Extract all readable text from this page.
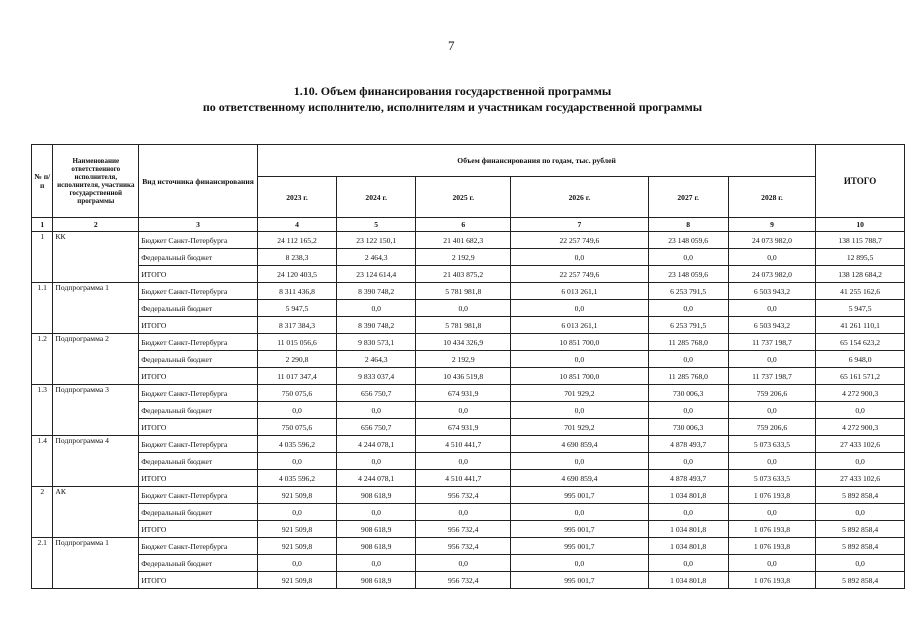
7
1.10. Объем финансирования государственной программы
по ответственному исполнителю, исполнителям и участникам государственной программы
№ п/п	Наименование ответственного исполнителя, исполнителя, участника государственной программы	Вид источника финансирования	Объем финансирования по годам, тыс. рублей						ИТОГО
			2023 г.	2024 г.	2025 г.	2026 г.	2027 г.	2028 г.	
1	2	3	4	5	6	7	8	9	10
1	КК	Бюджет Санкт-Петербурга	24 112 165,2	23 122 150,1	21 401 682,3	22 257 749,6	23 148 059,6	24 073 982,0	138 115 788,7
		Федеральный бюджет	8 238,3	2 464,3	2 192,9	0,0	0,0	0,0	12 895,5
		ИТОГО	24 120 403,5	23 124 614,4	21 403 875,2	22 257 749,6	23 148 059,6	24 073 982,0	138 128 684,2
1.1	Подпрограмма 1	Бюджет Санкт-Петербурга	8 311 436,8	8 390 748,2	5 781 981,8	6 013 261,1	6 253 791,5	6 503 943,2	41 255 162,6
		Федеральный бюджет	5 947,5	0,0	0,0	0,0	0,0	0,0	5 947,5
		ИТОГО	8 317 384,3	8 390 748,2	5 781 981,8	6 013 261,1	6 253 791,5	6 503 943,2	41 261 110,1
1.2	Подпрограмма 2	Бюджет Санкт-Петербурга	11 015 056,6	9 830 573,1	10 434 326,9	10 851 700,0	11 285 768,0	11 737 198,7	65 154 623,2
		Федеральный бюджет	2 290,8	2 464,3	2 192,9	0,0	0,0	0,0	6 948,0
		ИТОГО	11 017 347,4	9 833 037,4	10 436 519,8	10 851 700,0	11 285 768,0	11 737 198,7	65 161 571,2
1.3	Подпрограмма 3	Бюджет Санкт-Петербурга	750 075,6	656 750,7	674 931,9	701 929,2	730 006,3	759 206,6	4 272 900,3
		Федеральный бюджет	0,0	0,0	0,0	0,0	0,0	0,0	0,0
		ИТОГО	750 075,6	656 750,7	674 931,9	701 929,2	730 006,3	759 206,6	4 272 900,3
1.4	Подпрограмма 4	Бюджет Санкт-Петербурга	4 035 596,2	4 244 078,1	4 510 441,7	4 690 859,4	4 878 493,7	5 073 633,5	27 433 102,6
		Федеральный бюджет	0,0	0,0	0,0	0,0	0,0	0,0	0,0
		ИТОГО	4 035 596,2	4 244 078,1	4 510 441,7	4 690 859,4	4 878 493,7	5 073 633,5	27 433 102,6
2	АК	Бюджет Санкт-Петербурга	921 509,8	908 618,9	956 732,4	995 001,7	1 034 801,8	1 076 193,8	5 892 858,4
		Федеральный бюджет	0,0	0,0	0,0	0,0	0,0	0,0	0,0
		ИТОГО	921 509,8	908 618,9	956 732,4	995 001,7	1 034 801,8	1 076 193,8	5 892 858,4
2.1	Подпрограмма 1	Бюджет Санкт-Петербурга	921 509,8	908 618,9	956 732,4	995 001,7	1 034 801,8	1 076 193,8	5 892 858,4
		Федеральный бюджет	0,0	0,0	0,0	0,0	0,0	0,0	0,0
		ИТОГО	921 509,8	908 618,9	956 732,4	995 001,7	1 034 801,8	1 076 193,8	5 892 858,4
